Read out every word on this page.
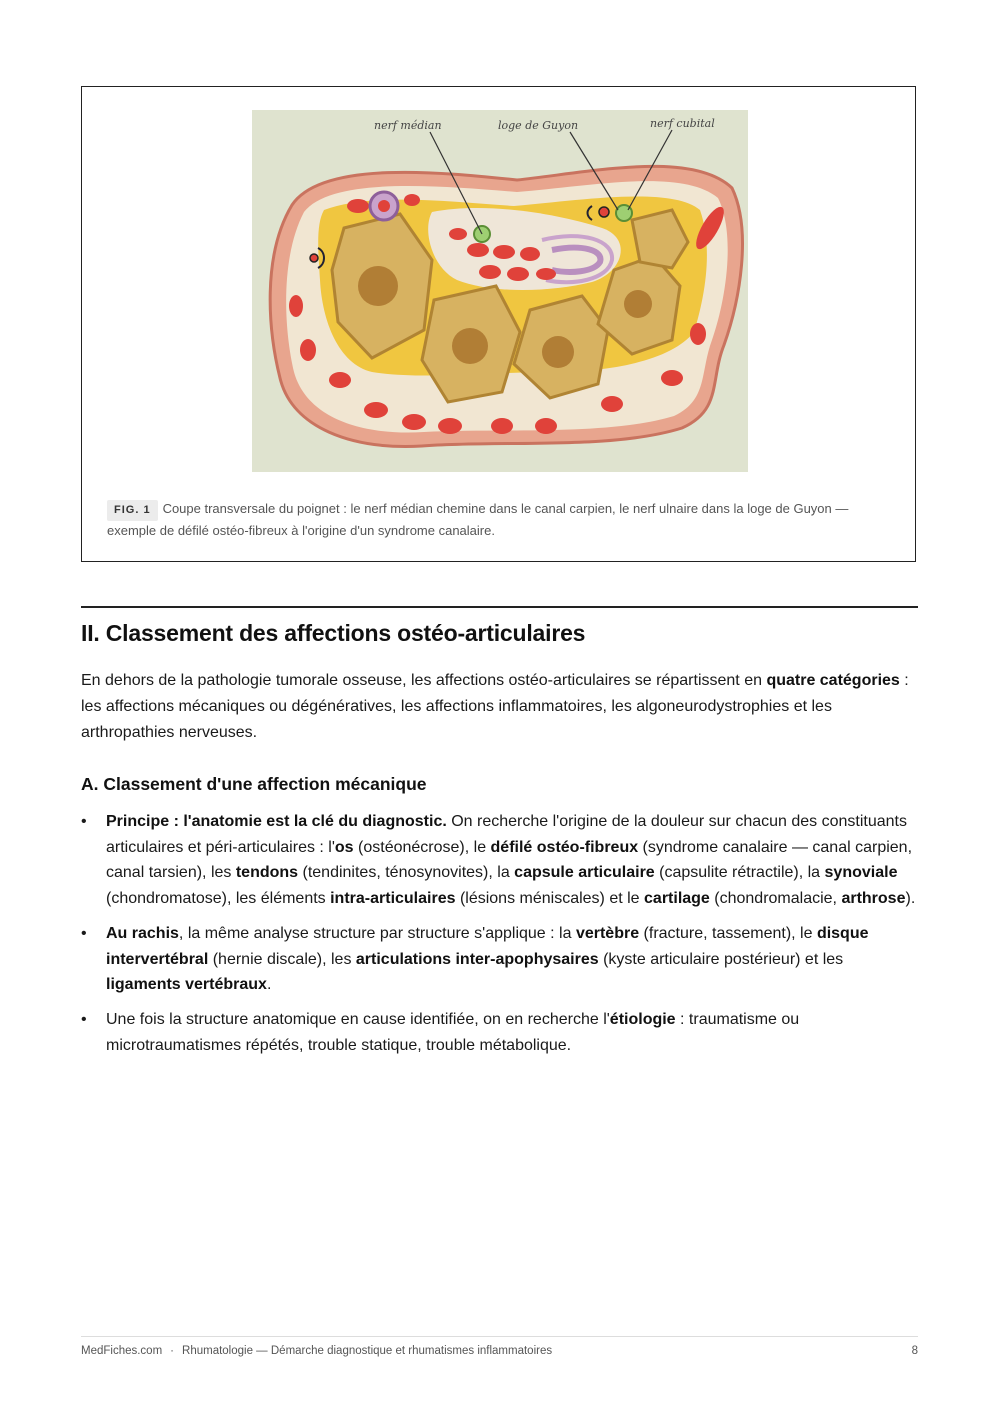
nerf médian	loge de Guyon	nerf cubital
FIG. 1 Coupe transversale du poignet : le nerf médian chemine dans le canal carpien, le nerf ulnaire dans la loge de Guyon — exemple de défilé ostéo-fibreux à l'origine d'un syndrome canalaire.
II. Classement des affections ostéo-articulaires

En dehors de la pathologie tumorale osseuse, les affections ostéo-articulaires se répartissent en quatre catégories : les affections mécaniques ou dégénératives, les affections inflammatoires, les algoneurodystrophies et les arthropathies nerveuses.

A. Classement d'une affection mécanique
• Principe : l'anatomie est la clé du diagnostic. On recherche l'origine de la douleur sur chacun des constituants articulaires et péri-articulaires : l'os (ostéonécrose), le défilé ostéo-fibreux (syndrome canalaire — canal carpien, canal tarsien), les tendons (tendinites, ténosynovites), la capsule articulaire (capsulite rétractile), la synoviale (chondromatose), les éléments intra-articulaires (lésions méniscales) et le cartilage (chondromalacie, arthrose).
• Au rachis, la même analyse structure par structure s'applique : la vertèbre (fracture, tassement), le disque intervertébral (hernie discale), les articulations inter-apophysaires (kyste articulaire postérieur) et les ligaments vertébraux.
• Une fois la structure anatomique en cause identifiée, on en recherche l'étiologie : traumatisme ou microtraumatismes répétés, trouble statique, trouble métabolique.
MedFiches.com · Rhumatologie — Démarche diagnostique et rhumatismes inflammatoires	8
